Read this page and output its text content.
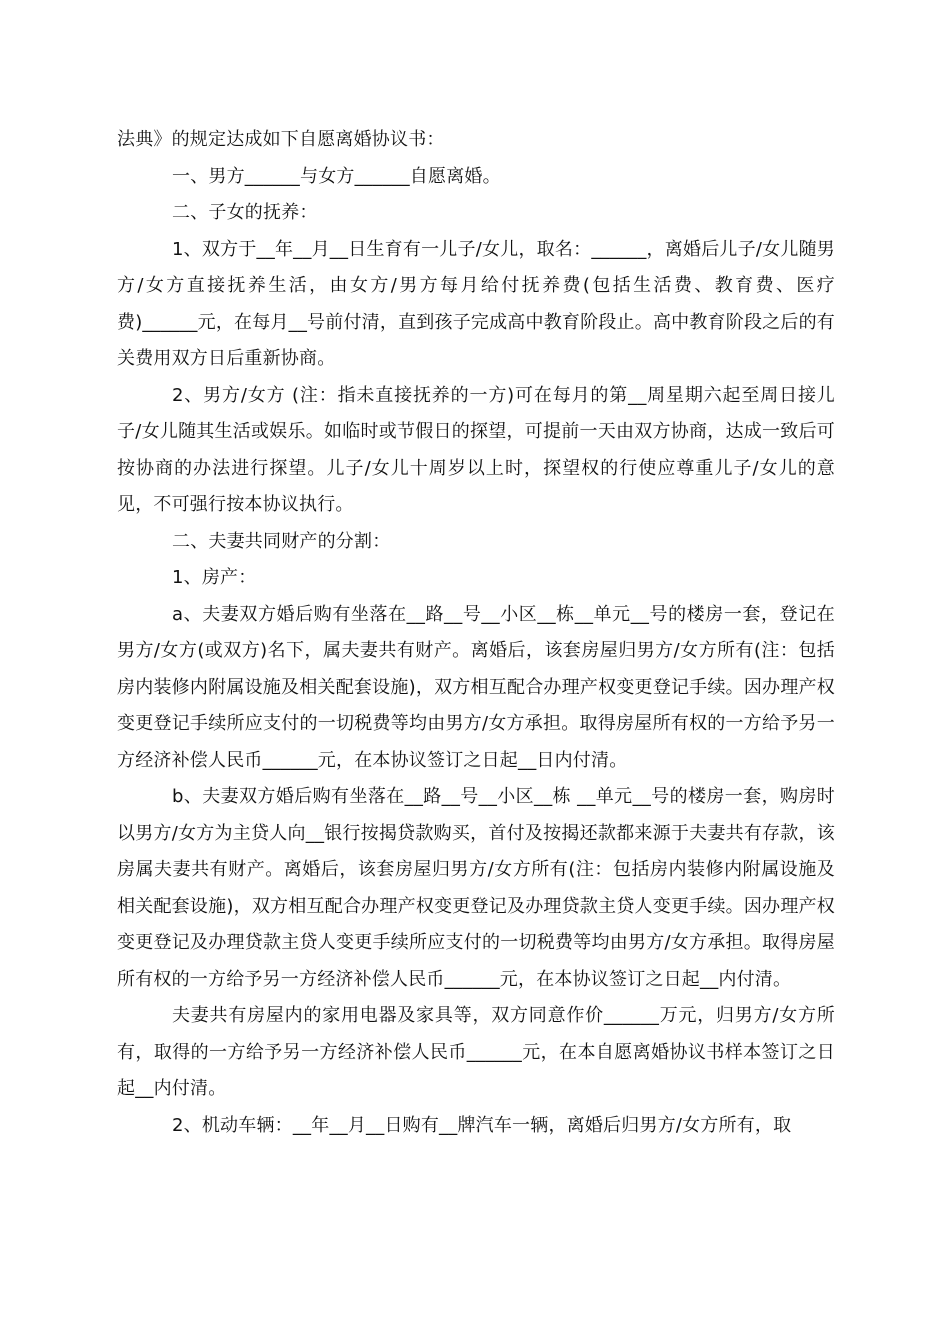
法典》的规定达成如下自愿离婚协议书：

一、男方______与女方______自愿离婚。

二、子女的抚养：

1、双方于__年__月__日生育有一儿子/女儿，取名：______，离婚后儿子/女儿随男方/女方直接抚养生活，由女方/男方每月给付抚养费(包括生活费、教育费、医疗费)______元，在每月__号前付清，直到孩子完成高中教育阶段止。高中教育阶段之后的有关费用双方日后重新协商。

2、男方/女方 (注：指未直接抚养的一方)可在每月的第__周星期六起至周日接儿子/女儿随其生活或娱乐。如临时或节假日的探望，可提前一天由双方协商，达成一致后可按协商的办法进行探望。儿子/女儿十周岁以上时，探望权的行使应尊重儿子/女儿的意见，不可强行按本协议执行。

二、夫妻共同财产的分割：

1、房产：

a、夫妻双方婚后购有坐落在__路__号__小区__栋__单元__号的楼房一套，登记在男方/女方(或双方)名下，属夫妻共有财产。离婚后，该套房屋归男方/女方所有(注：包括房内装修内附属设施及相关配套设施)，双方相互配合办理产权变更登记手续。因办理产权变更登记手续所应支付的一切税费等均由男方/女方承担。取得房屋所有权的一方给予另一方经济补偿人民币______元，在本协议签订之日起__日内付清。

b、夫妻双方婚后购有坐落在__路__号__小区__栋 __单元__号的楼房一套，购房时以男方/女方为主贷人向__银行按揭贷款购买，首付及按揭还款都来源于夫妻共有存款，该房属夫妻共有财产。离婚后，该套房屋归男方/女方所有(注：包括房内装修内附属设施及相关配套设施)，双方相互配合办理产权变更登记及办理贷款主贷人变更手续。因办理产权变更登记及办理贷款主贷人变更手续所应支付的一切税费等均由男方/女方承担。取得房屋所有权的一方给予另一方经济补偿人民币______元，在本协议签订之日起__内付清。

夫妻共有房屋内的家用电器及家具等，双方同意作价______万元，归男方/女方所有，取得的一方给予另一方经济补偿人民币______元，在本自愿离婚协议书样本签订之日起__内付清。

2、机动车辆：__年__月__日购有__牌汽车一辆，离婚后归男方/女方所有，取
